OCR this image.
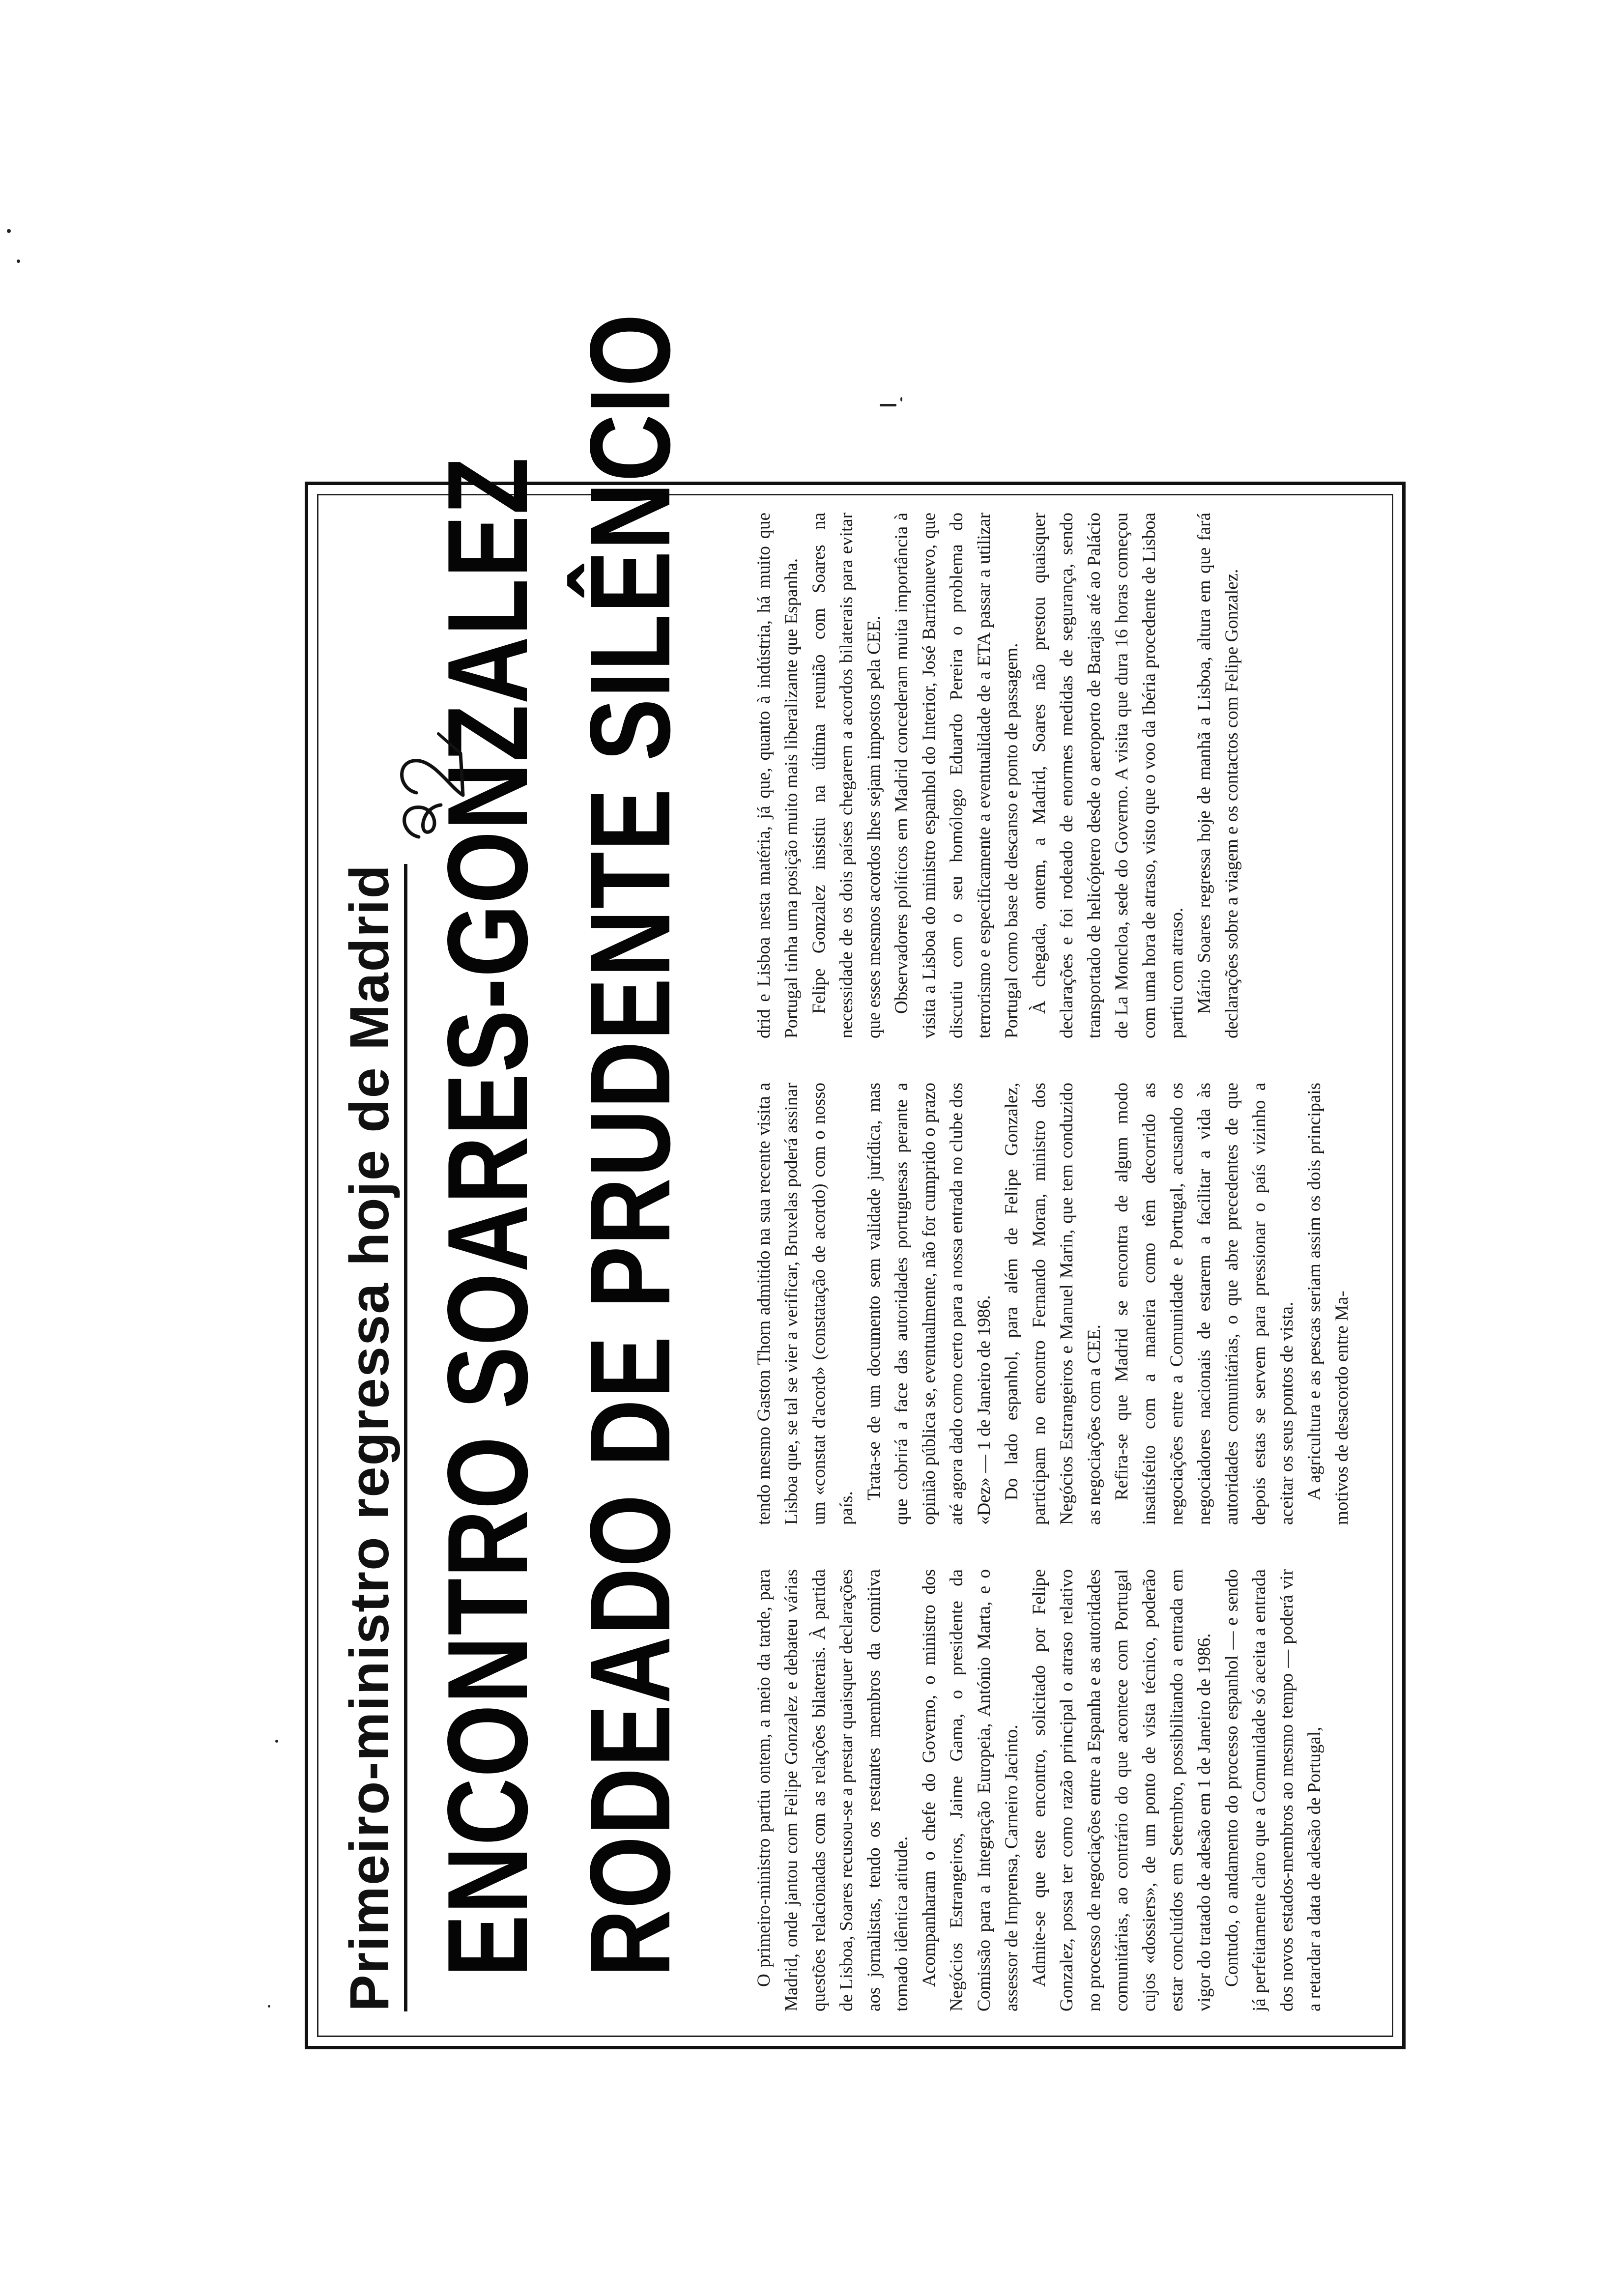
Primeiro-ministro regressa hoje de Madrid ENCONTRO SOARES-GONZALEZ RODEADO DE PRUDENTE SILÊNCIO	O primeiro-ministro partiu ontem, a meio da tarde, para Madrid, onde jantou com Felipe Gonzalez e debateu várias questões relacionadas com as relações bilaterais. À partida de Lisboa, Soares recusou-se a prestar quaisquer declarações aos jornalistas, tendo os restantes membros da comitiva tomado idêntica atitude. Acompanharam o chefe do Governo, o ministro dos Negócios Estrangeiros, Jaime Gama, o presidente da Comissão para a Integração Europeia, António Marta, e o assessor de Imprensa, Carneiro Jacinto. Admite-se que este encontro, solicitado por Felipe Gonzalez, possa ter como razão principal o atraso relativo no processo de negociações entre a Espanha e as autoridades comunitárias, ao contrário do que acontece com Portugal cujos «dossiers», de um ponto de vista técnico, poderão estar concluídos em Setembro, possibilitando a entrada em vigor do tratado de adesão em 1 de Janeiro de 1986. Contudo, o andamento do processo espanhol — e sendo já perfeitamente claro que a Comunidade só aceita a entrada dos novos estados-membros ao mesmo tempo — poderá vir a retardar a data de adesão de Portugal,

tendo mesmo Gaston Thorn admitido na sua recente visita a Lisboa que, se tal se vier a verificar, Bruxelas poderá assinar um «constat d'acord» (constatação de acordo) com o nosso país.

Trata-se de um documento sem validade jurídica, mas que cobrirá a face das autoridades portuguesas perante a opinião pública se, eventualmente, não for cumprido o prazo até agora dado como certo para a nossa entrada no clube dos «Dez» — 1 de Janeiro de 1986. Do lado espanhol, para além de Felipe Gonzalez, participam no encontro Fernando Moran, ministro dos Negócios Estrangeiros e Manuel Marin, que tem conduzido as negociações com a CEE. Refira-se que Madrid se encontra de algum modo insatisfeito com a maneira como têm decorrido as negociações entre a Comunidade e Portugal, acusando os negociadores nacionais de estarem a facilitar a vida às autoridades comunitárias, o que abre precedentes de que depois estas se servem para pressionar o país vizinho a aceitar os seus pontos de vista. A agricultura e as pescas seriam assim os dois principais motivos de desacordo entre Ma-

drid e Lisboa nesta matéria, já que, quanto à indústria, há muito que Portugal tinha uma posição muito mais liberalizante que Espanha. Felipe Gonzalez insistiu na última reunião com Soares na necessidade de os dois países chegarem a acordos bilaterais para evitar que esses mesmos acordos lhes sejam impostos pela CEE. Observadores políticos em Madrid concederam muita importância à visita a Lisboa do ministro espanhol do Interior, José Barrionuevo, que discutiu com o seu homólogo Eduardo Pereira o problema do terrorismo e especificamente a eventualidade de a ETA passar a utilizar Portugal como base de descanso e ponto de passagem. À chegada, ontem, a Madrid, Soares não prestou quaisquer declarações e foi rodeado de enormes medidas de segurança, sendo transportado de helicóptero desde o aeroporto de Barajas até ao Palácio de La Moncloa, sede do Governo. A visita que dura 16 horas começou com uma hora de atraso, visto que o voo da Ibéria procedente de Lisboa partiu com atraso. Mário Soares regressa hoje de manhã a Lisboa, altura em que fará declarações sobre a viagem e os contactos com Felipe Gonzalez.
